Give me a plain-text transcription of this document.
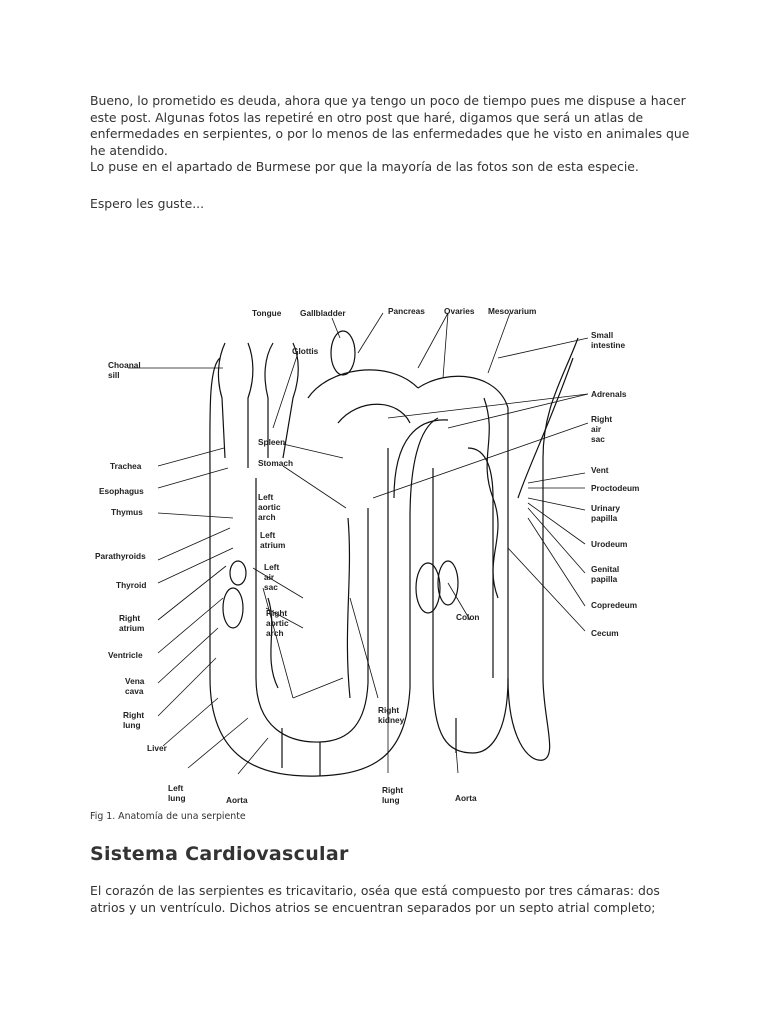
Bueno, lo prometido es deuda, ahora que ya tengo un poco de tiempo pues me dispuse a hacer
este post. Algunas fotos las repetiré en otro post que haré, digamos que será un atlas de
enfermedades en serpientes, o por lo menos de las enfermedades que he visto en animales que
he atendido.
Lo puse en el apartado de Burmese por que la mayoría de las fotos son de esta especie.
Espero les guste...
Tongue Gallbladder	Pancreas Ovaries Mesovarium
Glottis
Choanal
sill
Small
intestine
Adrenals
Right
air
sac
Spleen
Stomach
Trachea
Esophagus
Thymus
Left
aortic
arch
Left
atrium
Left
air
sac
Parathyroids
Thyroid
Right
atrium
Right
aortic
arch
Ventricle
Vena
cava
Right
lung
Liver
Left
lung	Aorta
Right
kidney
Right
lung	Aorta
Colon
Vent
Proctodeum
Urinary
papilla
Urodeum
Genital
papilla
Copredeum
Cecum
Fig 1. Anatomía de una serpiente
Sistema Cardiovascular
El corazón de las serpientes es tricavitario, oséa que está compuesto por tres cámaras: dos
atrios y un ventrículo. Dichos atrios se encuentran separados por un septo atrial completo;
